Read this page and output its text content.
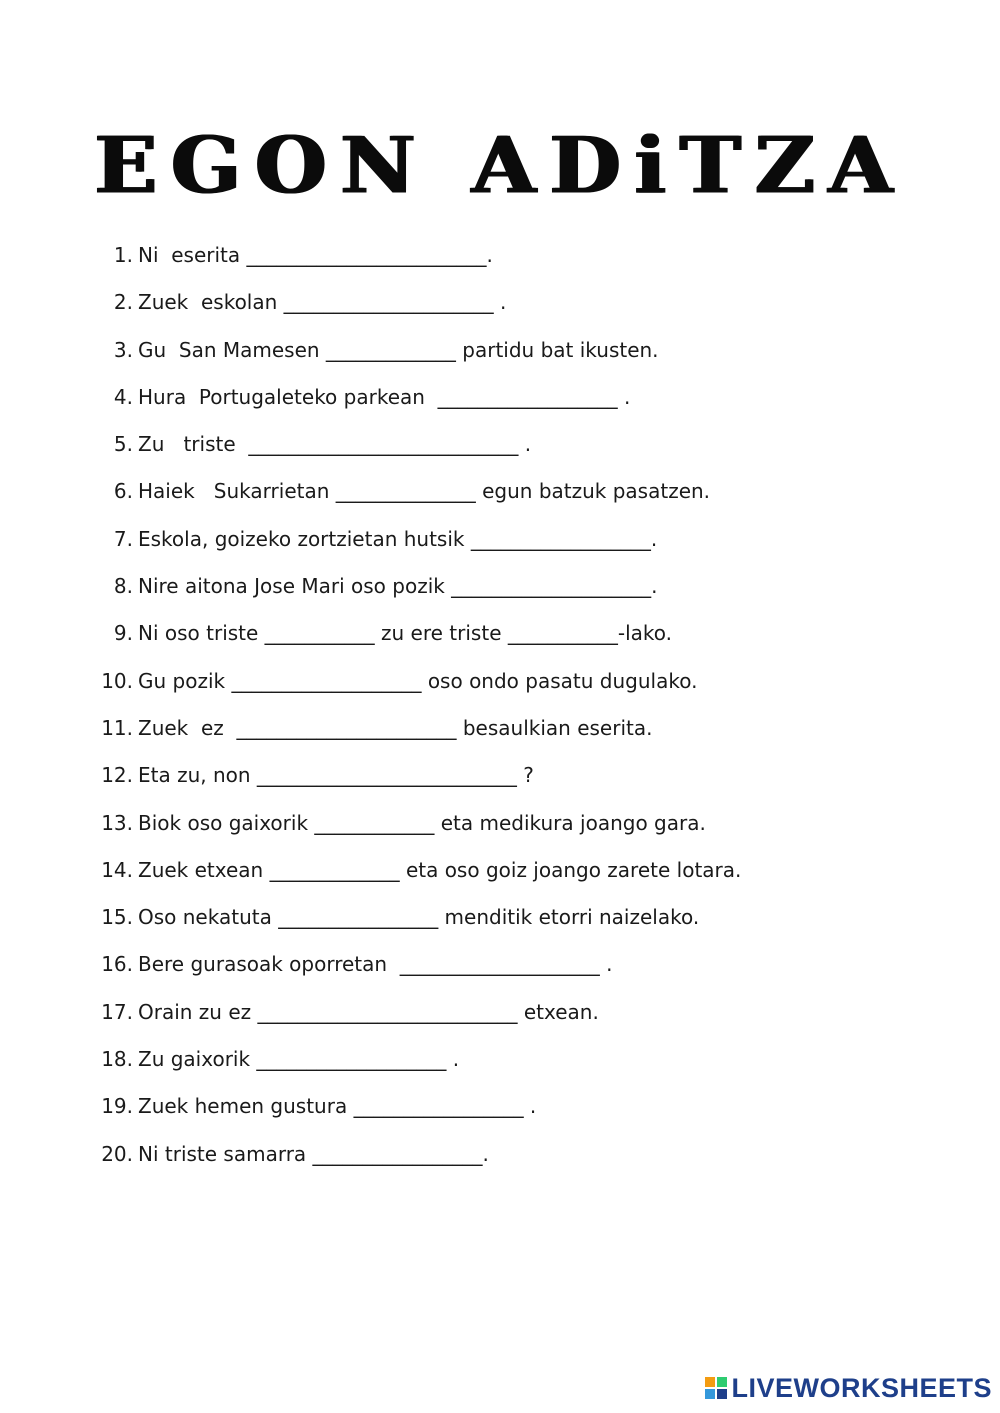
EGON ADiTZA
1. Ni  eserita ________________________.
2. Zuek  eskolan _____________________ .
3. Gu  San Mamesen _____________ partidu bat ikusten.
4. Hura  Portugaleteko parkean  __________________ .
5. Zu   triste  ___________________________ .
6. Haiek   Sukarrietan ______________ egun batzuk pasatzen.
7. Eskola, goizeko zortzietan hutsik __________________.
8. Nire aitona Jose Mari oso pozik ____________________.
9. Ni oso triste ___________ zu ere triste ___________-lako.
10. Gu pozik ___________________ oso ondo pasatu dugulako.
11. Zuek  ez  ______________________ besaulkian eserita.
12. Eta zu, non __________________________ ?
13. Biok oso gaixorik ____________ eta medikura joango gara.
14. Zuek etxean _____________ eta oso goiz joango zarete lotara.
15. Oso nekatuta ________________ menditik etorri naizelako.
16. Bere gurasoak oporretan  ____________________ .
17. Orain zu ez __________________________ etxean.
18. Zu gaixorik ___________________ .
19. Zuek hemen gustura _________________ .
20. Ni triste samarra _________________.
LIVEWORKSHEETS
